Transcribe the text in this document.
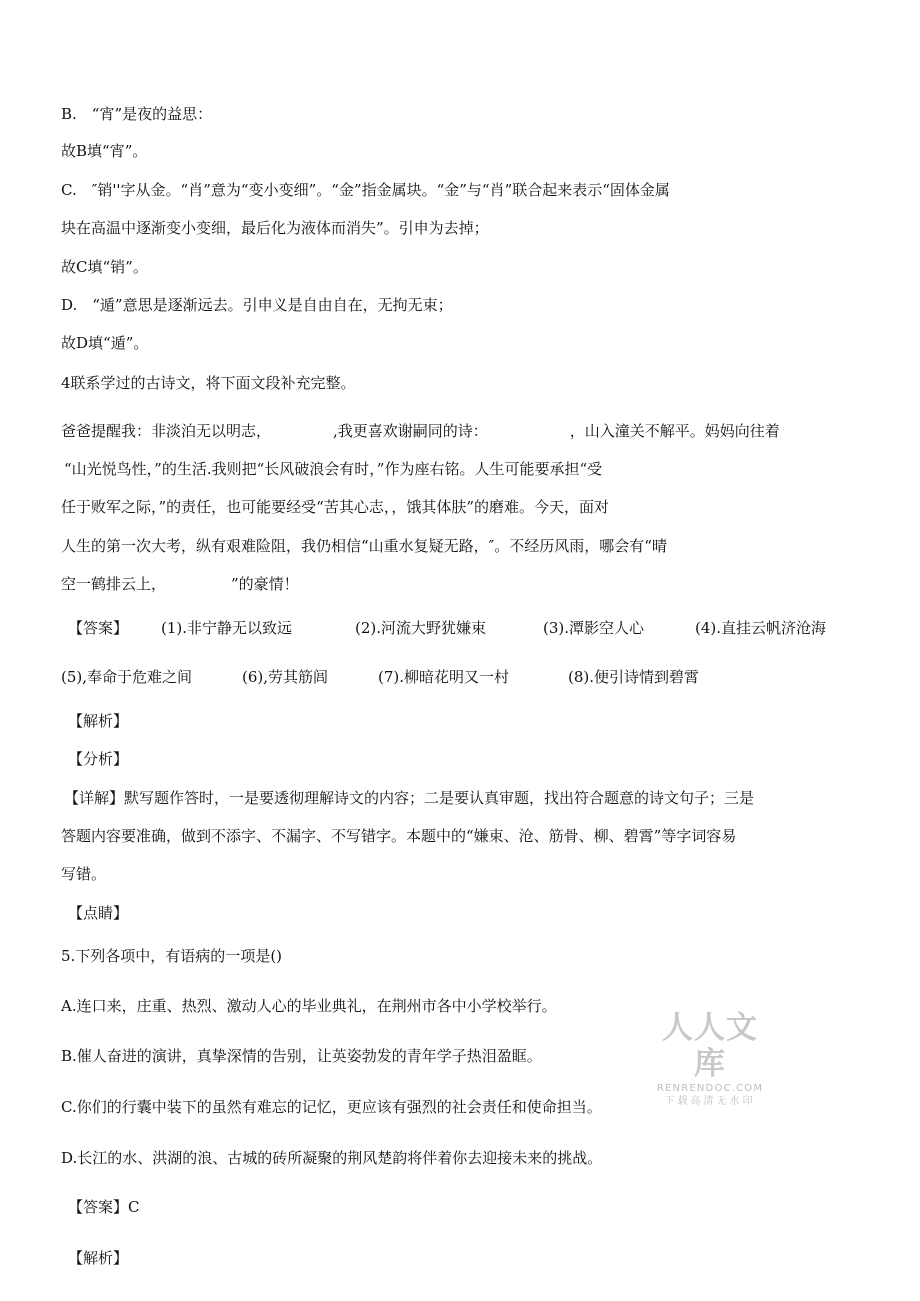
B.　“宵”是夜的益思：
故B填“宵”。
C.　″销''字从金。“肖”意为“变小变细”。“金”指金属块。“金”与“肖”联合起来表示“固体金属
块在高温中逐渐变小变细，最后化为液体而消失”。引申为去掉；
故C填“销”。
D.　“遁”意思是逐渐远去。引申义是自由自在，无拘无束；
故D填“遁”。
4联系学过的古诗文，将下面文段补充完整。
爸爸提醒我：非淡泊无以明志，	,我更喜欢谢嗣同的诗：	，山入潼关不解平。妈妈向往着
“山光悦鸟性，”的生活.我则把“长风破浪会有时，”作为座右铭。人生可能要承担“受
任于败军之际，”的责任，也可能要经受“苦其心志，，饿其体肤”的磨难。今天，面对
人生的第一次大考，纵有艰难险阻，我仍相信“山重水复疑无路，″。不经历风雨，哪会有“晴
空一鹤排云上，	”的豪情！
【答案】 (1).非宁静无以致远	(2).河流大野犹嫌束	(3).潭影空人心	(4).直挂云帆济沧海
(5),奉命于危难之间	(6),劳其筋闾	(7).柳暗花明又一村	(8).便引诗情到碧霄
【解析】
【分析】
【详解】默写题作答时，一是要透彻理解诗文的内容；二是要认真审题，找出符合题意的诗文句子；三是
答题内容要准确，做到不添字、不漏字、不写错字。本题中的“嫌束、沧、筋骨、柳、碧霄”等字词容易
写错。
【点睛】
5.下列各项中，有语病的一项是()
A.连口来，庄重、热烈、激动人心的毕业典礼，在荆州市各中小学校举行。
B.催人奋进的演讲，真挚深情的告别，让英姿勃发的青年学子热泪盈眶。
C.你们的行囊中装下的虽然有难忘的记忆，更应该有强烈的社会责任和使命担当。
D.长江的水、洪湖的浪、古城的砖所凝聚的荆风楚韵将伴着你去迎接未来的挑战。
【答案】C
【解析】
人人文库
RENRENDOC.COM
下载高清无水印
